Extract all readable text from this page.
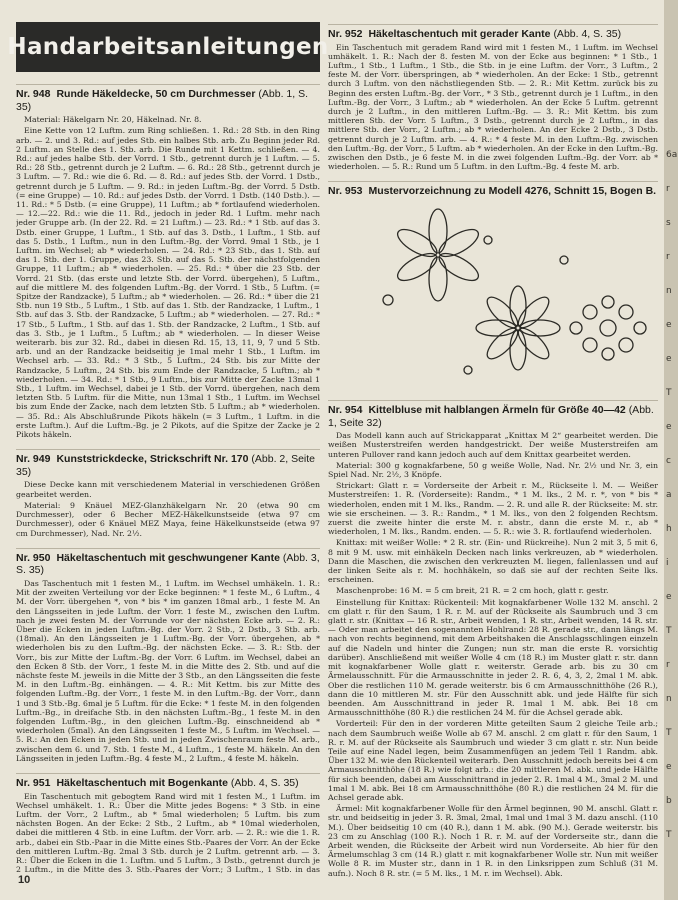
Handarbeitsanleitungen
Nr. 948 Runde Häkeldecke, 50 cm Durchmesser (Abb. 1, S. 35)

Material: Häkelgarn Nr. 20, Häkelnad. Nr. 8.

Eine Kette von 12 Luftm. zum Ring schließen. 1. Rd.: 28 Stb. in den Ring arb. — 2. und 3. Rd.: auf jedes Stb. ein halbes Stb. arb. Zu Beginn jeder Rd. 2 Luftm. an Stelle des 1. Stb. arb. Die Runde mit 1 Kettm. schließen. — 4. Rd.: auf jedes halbe Stb. der Vorrd. 1 Stb., getrennt durch je 1 Luftm. — 5. Rd.: 28 Stb., getrennt durch je 2 Luftm. — 6. Rd.: 28 Stb., getrennt durch je 3 Luftm. — 7. Rd.: wie die 6. Rd. — 8. Rd.: auf jedes Stb. der Vorrd. 1 Dstb., getrennt durch je 5 Luftm. — 9. Rd.: in jeden Luftm.-Bg. der Vorrd. 5 Dstb. (= eine Gruppe) — 10. Rd.: auf jedes Dstb. der Vorrd. 1 Dstb. (140 Dstb.). — 11. Rd.: * 5 Dstb. (= eine Gruppe), 11 Luftm.; ab * fortlaufend wiederholen. — 12.—22. Rd.: wie die 11. Rd., jedoch in jeder Rd. 1 Luftm. mehr nach jeder Gruppe arb. (In der 22. Rd. = 21 Luftm.) — 23. Rd.: * 1 Stb. auf das 3. Dstb. einer Gruppe, 1 Luftm., 1 Stb. auf das 3. Dstb., 1 Luftm., 1 Stb. auf das 5. Dstb., 1 Luftm., nun in den Luftm.-Bg. der Vorrd. 9mal 1 Stb., je 1 Luftm. im Wechsel; ab * wiederholen. — 24. Rd.: * 23 Stb., das 1. Stb. auf das 1. Stb. der 1. Gruppe, das 23. Stb. auf das 5. Stb. der nächstfolgenden Gruppe, 11 Luftm.; ab * wiederholen. — 25. Rd.: * über die 23 Stb. der Vorrd. 21 Stb. (das erste und letzte Stb. der Vorrd. übergehen), 5 Luftm., auf die mittlere M. des folgenden Luftm.-Bg. der Vorrd. 1 Stb., 5 Luftm. (= Spitze der Randzacke), 5 Luftm.; ab * wiederholen. — 26. Rd.: * über die 21 Stb. nun 19 Stb., 5 Luftm., 1 Stb. auf das 1. Stb. der Randzacke, 1 Luftm., 1 Stb. auf das 3. Stb. der Randzacke, 5 Luftm.; ab * wiederholen. — 27. Rd.: * 17 Stb., 5 Luftm., 1 Stb. auf das 1. Stb. der Randzacke, 2 Luftm., 1 Stb. auf das 3. Stb., je 1 Luftm., 5 Luftm.; ab * wiederholen. — In dieser Weise weiterarb. bis zur 32. Rd., dabei in diesen Rd. 15, 13, 11, 9, 7 und 5 Stb. arb. und an der Randzacke beidseitig je 1mal mehr 1 Stb., 1 Luftm. im Wechsel arb. — 33. Rd.: * 3 Stb., 5 Luftm., 24 Stb. bis zur Mitte der Randzacke, 5 Luftm., 24 Stb. bis zum Ende der Randzacke, 5 Luftm.; ab * wiederholen. — 34. Rd.: * 1 Stb., 9 Luftm., bis zur Mitte der Zacke 13mal 1 Stb., 1 Luftm. im Wechsel, dabei je 1 Stb. der Vorrd. übergehen, nach dem letzten Stb. 5 Luftm. für die Mitte, nun 13mal 1 Stb., 1 Luftm. im Wechsel bis zum Ende der Zacke, nach dem letzten Stb. 5 Luftm.; ab * wiederholen. — 35. Rd.: Als Abschlußrunde Pikots häkeln (= 3 Luftm., 1 Luftm. in die erste Luftm.). Auf die Luftm.-Bg. je 2 Pikots, auf die Spitze der Zacke je 2 Pikots häkeln.

Nr. 949 Kunststrickdecke, Strickschrift Nr. 170 (Abb. 2, Seite 35)

Diese Decke kann mit verschiedenem Material in verschiedenen Größen gearbeitet werden.

Material: 9 Knäuel MEZ-Glanzhäkelgarn Nr. 20 (etwa 90 cm Durchmesser), oder 6 Becher MEZ-Häkelkunstseide (etwa 97 cm Durchmesser), oder 6 Knäuel MEZ Maya, feine Häkelkunstseide (etwa 97 cm Durchmesser), Nad. Nr. 2½.

Nr. 950 Häkeltaschentuch mit geschwungener Kante (Abb. 3, S. 35)

Das Taschentuch mit 1 festen M., 1 Luftm. im Wechsel umhäkeln. 1. R.: Mit der zweiten Verteilung vor der Ecke beginnen: * 1 feste M., 6 Luftm., 4 M. der Vorr. übergehen *, von * bis * im ganzen 18mal arb., 1 feste M. An den Längsseiten in jede Luftm. der Vorr. 1 feste M., zwischen den Luftm. nach je zwei festen M. der Vorrunde vor der nächsten Ecke arb. — 2. R.: Über die Ecken in jeden Luftm.-Bg. der Vorr. 2 Stb., 2 Dstb., 3 Stb. arb. (18mal). An den Längsseiten je 1 Luftm.-Bg. der Vorr. übergehen, ab * wiederholen bis zu den Luftm.-Bg. der nächsten Ecke. — 3. R.: Stb. der Vorr., bis zur Mitte der Luftm.-Bg. der Vorr. 6 Luftm. im Wechsel, dabei an den Ecken 8 Stb. der Vorr., 1 feste M. in die Mitte des 2. Stb. und auf die nächste feste M. jeweils in die Mitte der 3 Stb., an den Längsseiten die feste M. in den Luftm.-Bg. einhängen. — 4. R.: Mit Kettm. bis zur Mitte des folgenden Luftm.-Bg. der Vorr., 1 feste M. in den Luftm.-Bg. der Vorr., dann 1 und 3 Stb.-Bg. 6mal je 5 Luftm. für die Ecke: * 1 feste M. in den folgenden Luftm.-Bg., in dreifache Stb. in den nächsten Luftm.-Bg., 1 feste M. in den folgenden Luftm.-Bg., in den gleichen Luftm.-Bg. einschneidend ab * wiederholen (5mal). An den Längsseiten 1 feste M., 5 Luftm. im Wechsel. — 5. R.: An den Ecken in jeden Stb. und in jeden Zwischenraum feste M. arb., zwischen dem 6. und 7. Stb. 1 feste M., 4 Luftm., 1 feste M. häkeln. An den Längsseiten in jeden Luftm.-Bg. 4 feste M., 2 Luftm., 4 feste M. häkeln.

Nr. 951 Häkeltaschentuch mit Bogenkante (Abb. 4, S. 35)

Ein Taschentuch mit gebogtem Rand wird mit 1 festen M., 1 Luftm. im Wechsel umhäkelt. 1. R.: Über die Mitte jedes Bogens: * 3 Stb. in eine Luftm. der Vorr., 2 Luftm., ab * 5mal wiederholen; 5 Luftm. bis zum nächsten Bogen. An der Ecke: 2 Stb., 2 Luftm., ab * 10mal wiederholen, dabei die mittleren 4 Stb. in eine Luftm. der Vorr. arb. — 2. R.: wie die 1. R. arb., dabei ein Stb.-Paar in die Mitte eines Stb.-Paares der Vorr. An der Ecke den mittleren Luftm.-Bg. 2mal 3 Stb. durch je 2 Luftm. getrennt arb. — 3. R.: Über die Ecken in die 1. Luftm. und 5 Luftm., 3 Dstb., getrennt durch je 2 Luftm., in die Mitte des 3. Stb.-Paares der Vorr.; 3 Luftm., 1 Stb. in das

Nr. 952 Häkeltaschentuch mit gerader Kante (Abb. 4, S. 35)

Ein Taschentuch mit geradem Rand wird mit 1 festen M., 1 Luftm. im Wechsel umhäkelt. 1. R.: Nach der 8. festen M. von der Ecke aus beginnen: * 1 Stb., 1 Luftm., 1 Stb., 1 Luftm., 1 Stb., die Stb. in je eine Luftm. der Vorr., 3 Luftm., 2 feste M. der Vorr. überspringen, ab * wiederholen. An der Ecke: 1 Stb., getrennt durch 3 Luftm. von den nächstliegenden Stb. — 2. R.: Mit Kettm. zurück bis zu Beginn des ersten Luftm.-Bg. der Vorr., * 3 Stb., getrennt durch je 1 Luftm., in den Luftm.-Bg. der Vorr., 3 Luftm.; ab * wiederholen. An der Ecke 5 Luftm. getrennt durch je 2 Luftm., in den mittleren Luftm.-Bg. — 3. R.: Mit Kettm. bis zum mittleren Stb. der Vorr. 5 Luftm., 3 Dstb., getrennt durch je 2 Luftm., in das mittlere Stb. der Vorr., 2 Luftm.; ab * wiederholen. An der Ecke 2 Dstb., 3 Dstb. getrennt durch je 2 Luftm. arb. — 4. R.: * 4 feste M. in den Luftm.-Bg. zwischen den Luftm.-Bg. der Vorr., 5 Luftm. ab * wiederholen. An der Ecke in den Luftm.-Bg. zwischen den Dstb., je 6 feste M. in die zwei folgenden Luftm.-Bg. der Vorr. ab * wiederholen. — 5. R.: Rund um 5 Luftm. in den Luftm.-Bg. 4 feste M. arb.

Nr. 953 Mustervorzeichnung zu Modell 4276, Schnitt 15, Bogen B.
Nr. 954 Kittelbluse mit halblangen Ärmeln für Größe 40—42 (Abb. 1, Seite 32)

Das Modell kann auch auf Strickapparat „Knittax M 2“ gearbeitet werden. Die weißen Musterstreifen werden handgestrickt. Der weiße Musterstreifen am unteren Pullover rand kann jedoch auch auf dem Knittax gearbeitet werden.

Material: 300 g kognakfarbene, 50 g weiße Wolle, Nad. Nr. 2½ und Nr. 3, ein Spiel Nad. Nr. 2½, 3 Knöpfe.

Strickart: Glatt r. = Vorderseite der Arbeit r. M., Rückseite l. M. — Weißer Musterstreifen: 1. R. (Vorderseite): Randm., * 1 M. lks., 2 M. r. *, von * bis * wiederholen, enden mit 1 M. lks., Randm. — 2. R. und alle R. der Rückseite: M. str. wie sie erscheinen. — 3. R.: Randm., * 1 M. lks., von den 2 folgenden Rechtsm. zuerst die zweite hinter die erste M. r. abstr., dann die erste M. r., ab * wiederholen, 1 M. lks., Randm. enden. — 5. R.: wie 3. R. fortlaufend wiederholen.

Knittax: mit weißer Wolle: * 2 R. str. (Ein- und Rückreihe). Nun 2 mit 3, 5 mit 6, 8 mit 9 M. usw. mit einhäkeln Decken nach links verkreuzen, ab * wiederholen. Dann die Maschen, die zwischen den verkreuzten M. liegen, fallenlassen und auf der linken Seite als r. M. hochhäkeln, so daß sie auf der rechten Seite lks. erscheinen.

Maschenprobe: 16 M. = 5 cm breit, 21 R. = 2 cm hoch, glatt r. gestr.

Einstellung für Knittax: Rückenteil: Mit kognakfarbener Wolle 132 M. anschl. 2 cm glatt r. für den Saum, 1 R. r. M. auf der Rückseite als Saumbruch und 3 cm glatt r. str. (Knittax — 16 R. str., Arbeit wenden, 1 R. str., Arbeit wenden, 14 R. str. — Oder man arbeitet den sogenannten Hohlrand: 28 R. gerade str., dann längs M. nach von rechts beginnend, mit dem Arbeitshaken die Anschlagsschlingen einzeln auf die Nadeln und hinter die Zungen; nun str. man die erste R. vorsichtig darüber). Anschließend mit weißer Wolle 4 cm (18 R.) im Muster glatt r. str. dann mit kognakfarbener Wolle glatt r. weiterstr. Gerade arb. bis zu 30 cm Ärmelausschnitt. Für die Armausschnitte in jeder 2. R. 6, 4, 3, 2, 2mal 1 M. abk. Ober die restlichen 110 M. gerade weiterstr. bis 6 cm Armausschnitthöhe (26 R.), dann die 10 mittleren M. str. Für den Ausschnitt abk. und jede Hälfte für sich beenden. Am Ausschnittrand in jeder R. 1mal 1 M. abk. Bei 18 cm Armausschnitthöhe (80 R.) die restlichen 24 M. für die Achsel gerade abk.

Vorderteil: Für den in der vorderen Mitte geteilten Saum 2 gleiche Teile arb.; nach dem Saumbruch weiße Wolle ab 67 M. anschl. 2 cm glatt r. für den Saum, 1 R. r. M. auf der Rückseite als Saumbruch und wieder 3 cm glatt r. str. Nun beide Teile auf eine Nadel legen, beim Zusammenfügen an jedem Teil 1 Randm. abk. Über 132 M. wie den Rückenteil weiterarb. Den Ausschnitt jedoch bereits bei 4 cm Armausschnitthöhe (18 R.) wie folgt arb.: die 20 mittleren M. abk. und jede Hälfte für sich beenden, dabei am Ausschnittrand in jeder 2. R. 1mal 4 M., 3mal 2 M. und 1mal 1 M. abk. Bei 18 cm Armausschnitthöhe (80 R.) die restlichen 24 M. für die Achsel gerade abk.

Ärmel: Mit kognakfarbener Wolle für den Ärmel beginnen, 90 M. anschl. Glatt r. str. und beidseitig in jeder 3. R. 3mal, 2mal, 1mal und 1mal 3 M. dazu anschl. (110 M.). Über beidseitig 10 cm (40 R.), dann 1 M. abk. (90 M.). Gerade weiterstr. bis 23 cm zu Anschlag (100 R.). Noch 1 R. r. M. auf der Vorderseite str., dann die Arbeit wenden, die Rückseite der Arbeit wird nun Vorderseite. Ab hier für den Ärmelumschlag 3 cm (14 R.) glatt r. mit kognakfarbener Wolle str. Nun mit weißer Wolle 8 R. im Muster str., dann in 1 R. in den Linksrippen zum Schluß (31 M. aufn.). Noch 8 R. str. (= 5 M. lks., 1 M. r. im Wechsel). Abk.

10
6a
r
s
r
n
e
e
T
e
c
a
h
i
e
T
r
n
T
e
b
T
